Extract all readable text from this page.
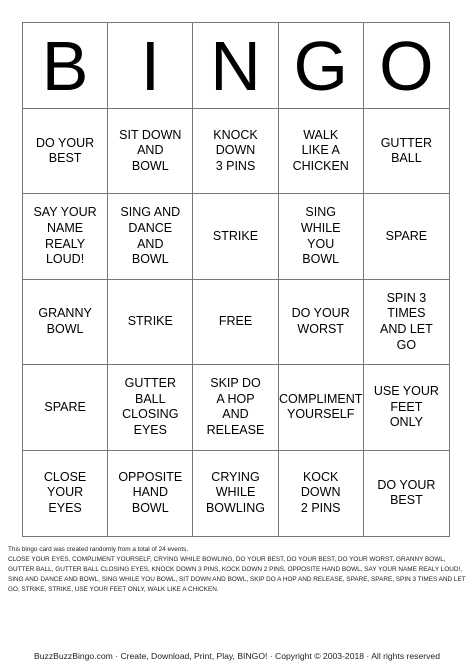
B I N G O
DO YOUR
BEST
SIT DOWN
AND
BOWL
KNOCK
DOWN
3 PINS
WALK
LIKE A
CHICKEN
GUTTER
BALL
SAY YOUR
NAME
REALY
LOUD!
SING AND
DANCE
AND
BOWL
STRIKE
SING
WHILE
YOU
BOWL
SPARE
GRANNY
BOWL
STRIKE	FREE
DO YOUR
WORST
SPIN 3
TIMES
AND LET
GO
SPARE
GUTTER
BALL
CLOSING
EYES
SKIP DO
A HOP
AND
RELEASE
COMPLIMENT
YOURSELF
USE YOUR
FEET
ONLY
CLOSE
YOUR
EYES
OPPOSITE
HAND
BOWL
CRYING
WHILE
BOWLING
KOCK
DOWN
2 PINS
DO YOUR
BEST
This bingo card was created randomly from a total of 24 events.
CLOSE YOUR EYES, COMPLIMENT YOURSELF, CRYING WHILE BOWLING, DO YOUR BEST, DO YOUR BEST, DO YOUR WORST, GRANNY BOWL, GUTTER BALL, GUTTER BALL CLOSING EYES, KNOCK DOWN 3 PINS, KOCK DOWN 2 PINS, OPPOSITE HAND BOWL, SAY YOUR NAME REALY LOUD!, SING AND DANCE AND BOWL, SING WHILE YOU BOWL, SIT DOWN AND BOWL, SKIP DO A HOP AND RELEASE, SPARE, SPARE, SPIN 3 TIMES AND LET GO, STRIKE, STRIKE, USE YOUR FEET ONLY, WALK LIKE A CHICKEN.
BuzzBuzzBingo.com · Create, Download, Print, Play, BINGO! · Copyright © 2003-2018 · All rights reserved
